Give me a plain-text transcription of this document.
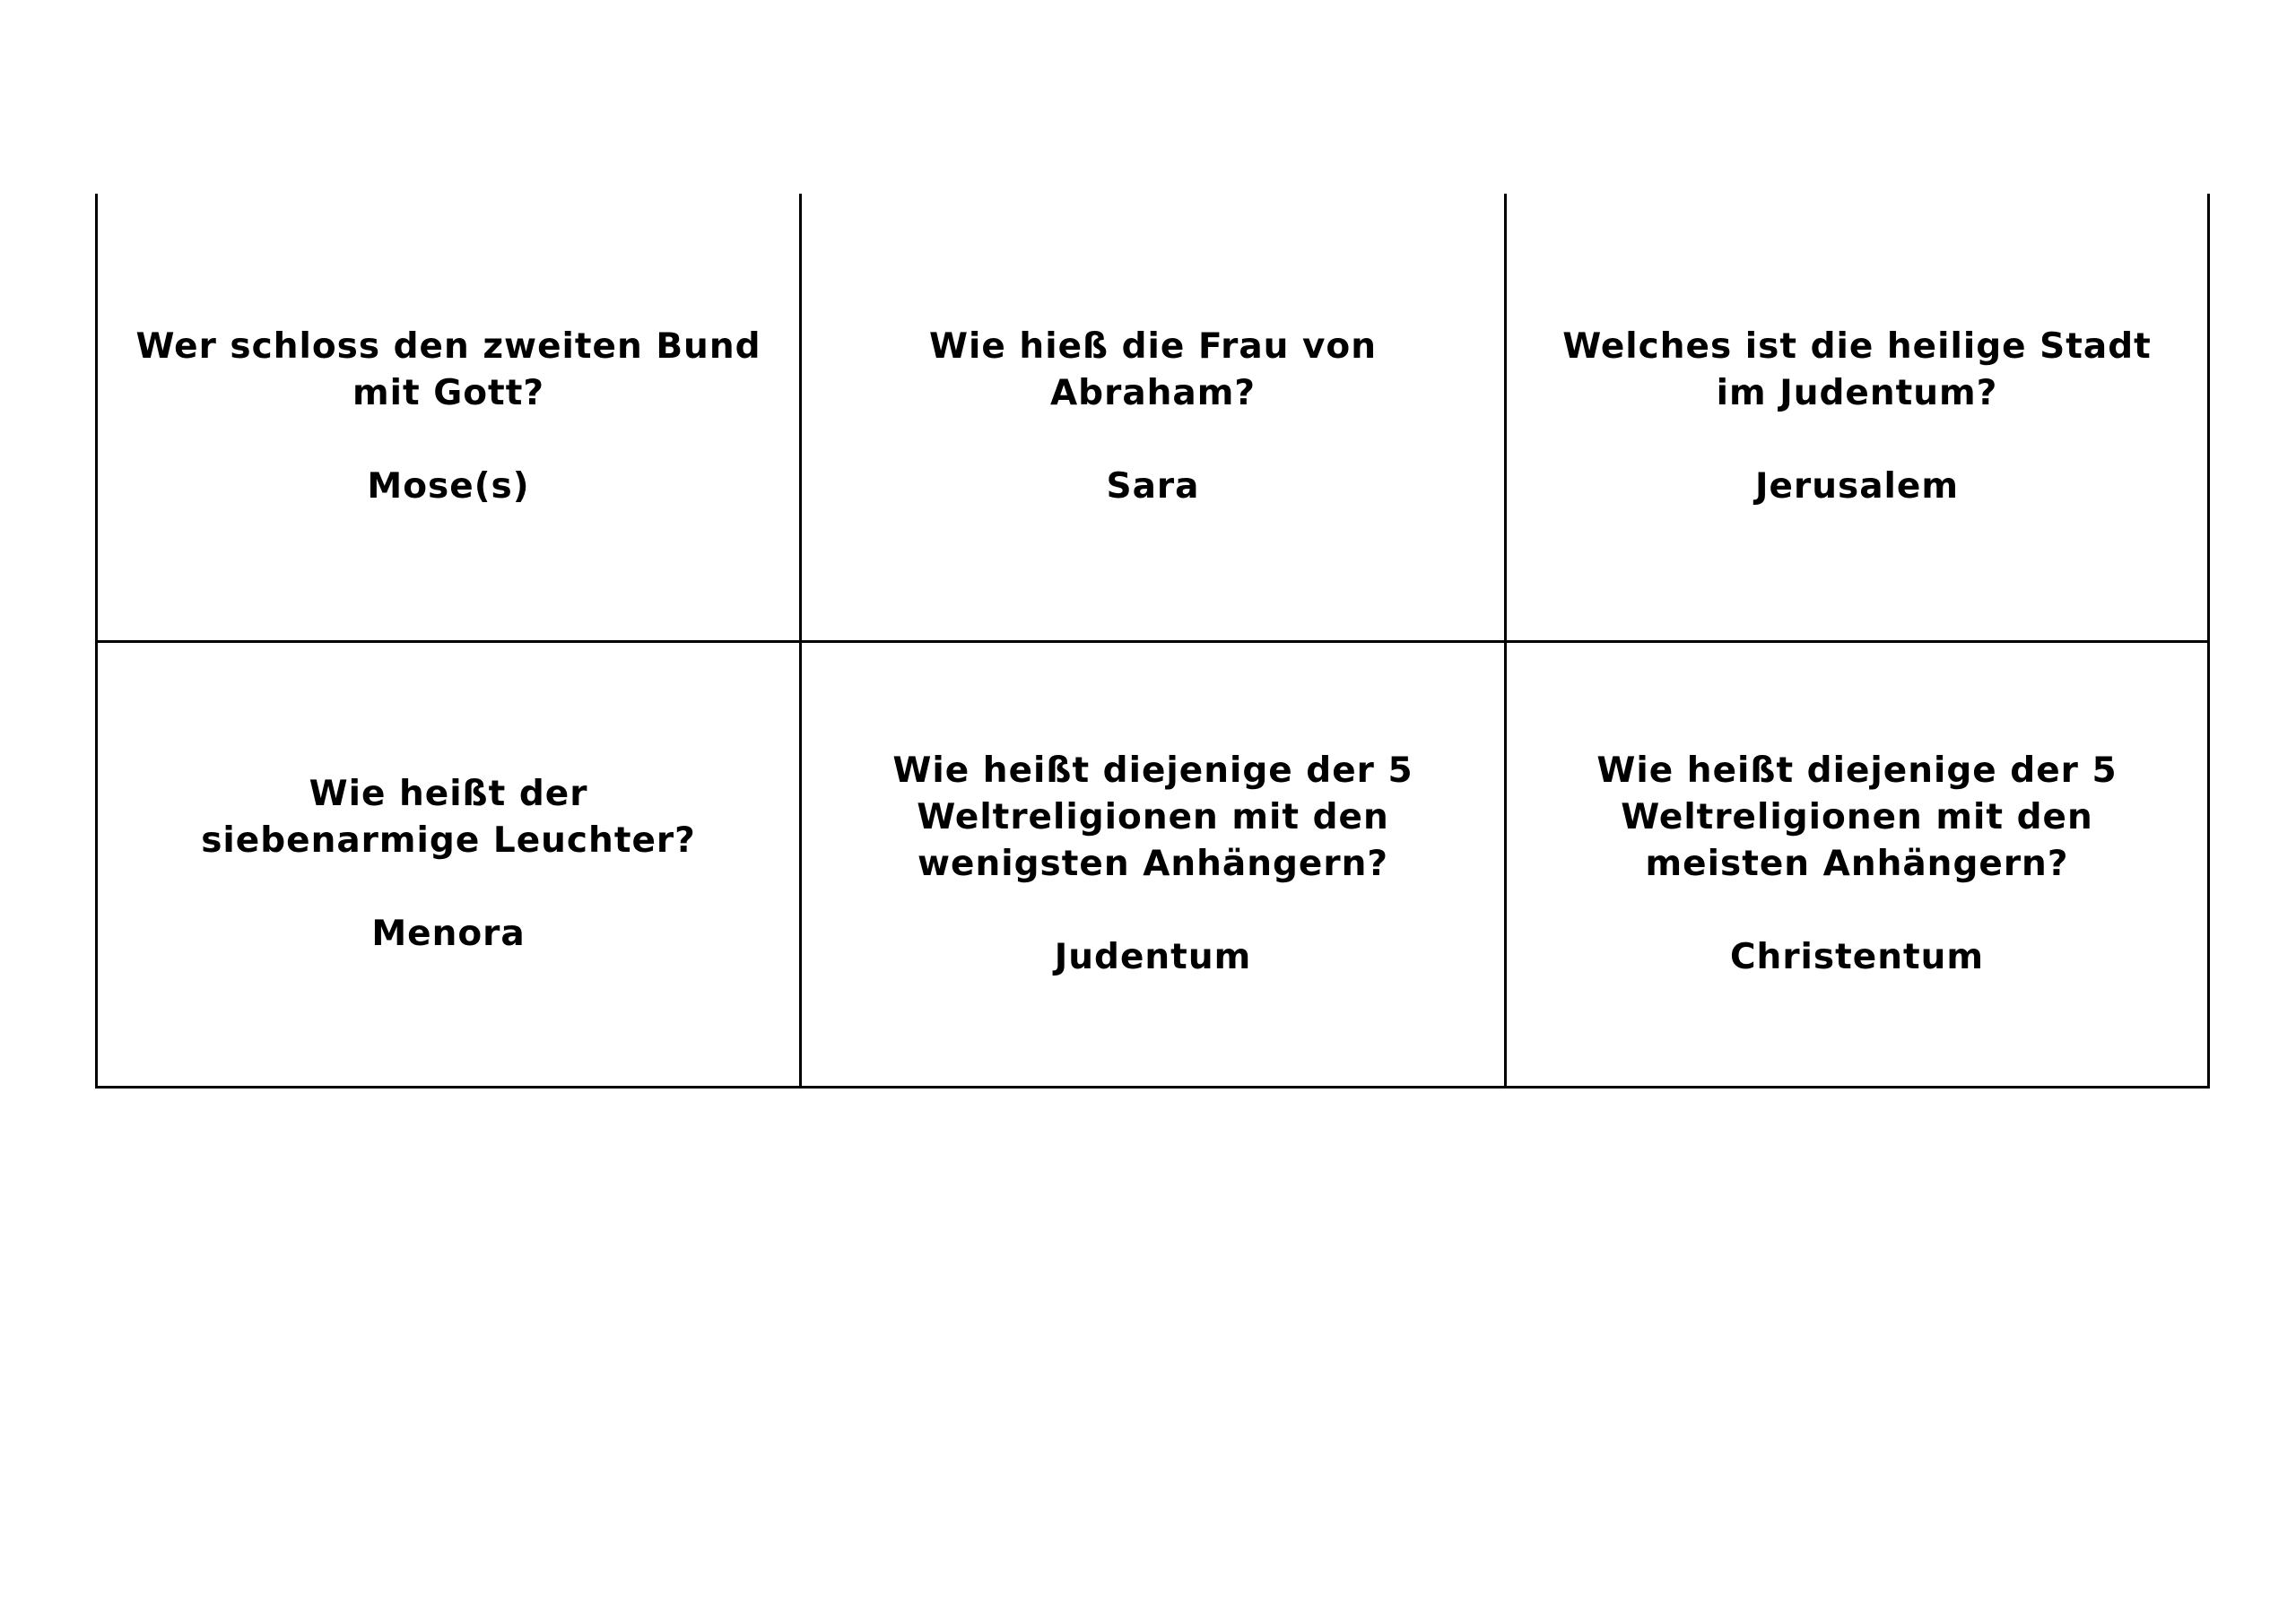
Wer schloss den zweiten Bund mit Gott?
Mose(s)
Wie hieß die Frau von Abraham?
Sara
Welches ist die heilige Stadt im Judentum?
Jerusalem
Wie heißt der siebenarmige Leuchter?
Menora
Wie heißt diejenige der 5 Weltreligionen mit den wenigsten Anhängern?
Judentum
Wie heißt diejenige der 5 Weltreligionen mit den meisten Anhängern?
Christentum
